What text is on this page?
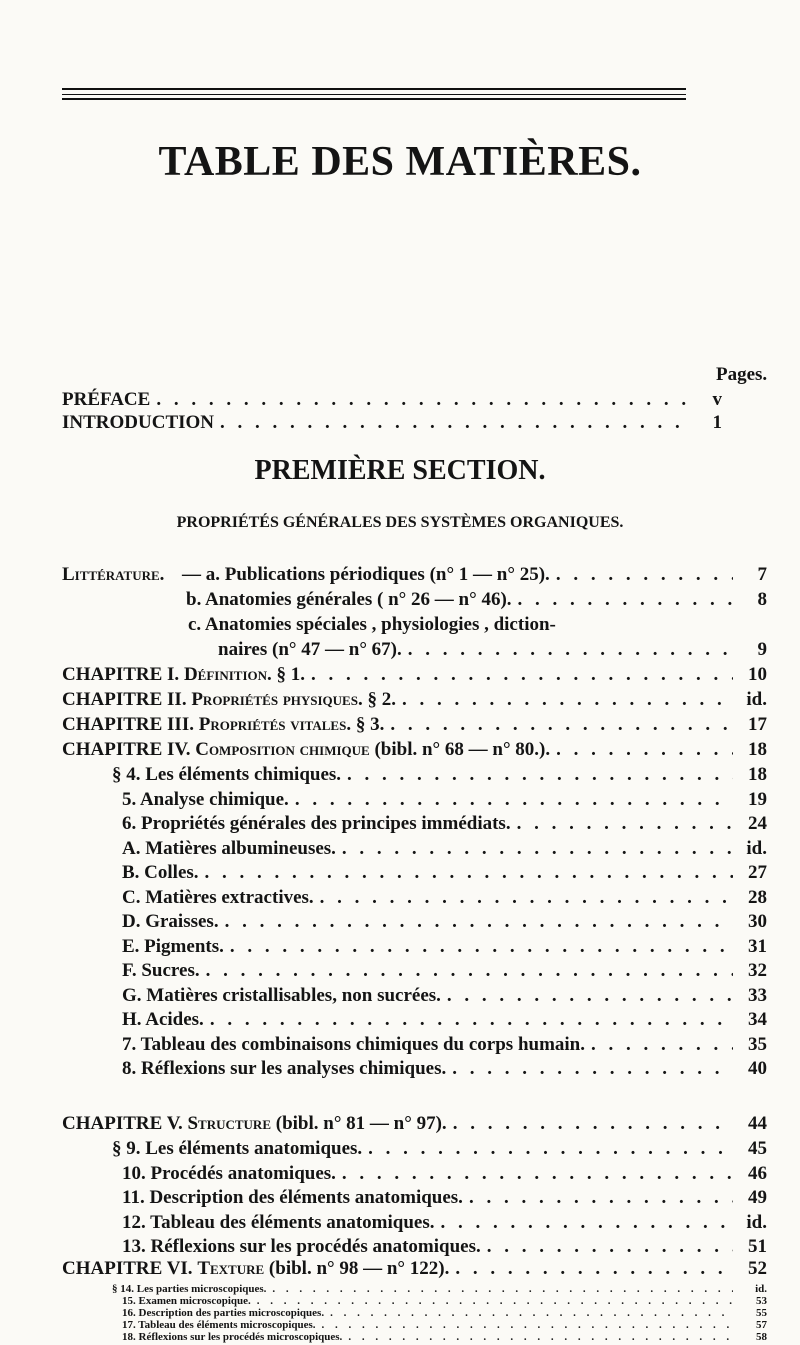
TABLE DES MATIÈRES.
Pages.
PRÉFACE . . .	v
INTRODUCTION . . .	1
PREMIÈRE SECTION.
PROPRIÉTÉS GÉNÉRALES DES SYSTÈMES ORGANIQUES.
Littérature. — a. Publications périodiques (n° 1 — n° 25). . . .	7
b. Anatomies générales ( n° 26 — n° 46). . . .	8
c. Anatomies spéciales , physiologies , diction-
naires (n° 47 — n° 67). . . .	9
CHAPITRE I. Définition. § 1. . . .	10
CHAPITRE II. Propriétés physiques. § 2. . . .	id.
CHAPITRE III. Propriétés vitales. § 3. . . .	17
CHAPITRE IV. Composition chimique (bibl. n° 68 — n° 80.). . . .	18
§ 4. Les éléments chimiques. . . .	18
5. Analyse chimique. . . .	19
6. Propriétés générales des principes immédiats. . . .	24
A. Matières albumineuses. . . .	id.
B. Colles. . . .	27
C. Matières extractives. . . .	28
D. Graisses. . . .	30
E. Pigments. . . .	31
F. Sucres. . . .	32
G. Matières cristallisables, non sucrées. . . .	33
H. Acides. . . .	34
7. Tableau des combinaisons chimiques du corps humain. . . .	35
8. Réflexions sur les analyses chimiques. . . .	40
CHAPITRE V. Structure (bibl. n° 81 — n° 97). . . .	44
§ 9. Les éléments anatomiques. . . .	45
10. Procédés anatomiques. . . .	46
11. Description des éléments anatomiques. . . .	49
12. Tableau des éléments anatomiques. . . .	id.
13. Réflexions sur les procédés anatomiques. . . .	51
CHAPITRE VI. Texture (bibl. n° 98 — n° 122). . . .	52
§ 14. Les parties microscopiques. . . .	id.
15. Examen microscopique. . . .	53
16. Description des parties microscopiques. . . .	55
17. Tableau des éléments microscopiques. . . .	57
18. Réflexions sur les procédés microscopiques. . . .	58
